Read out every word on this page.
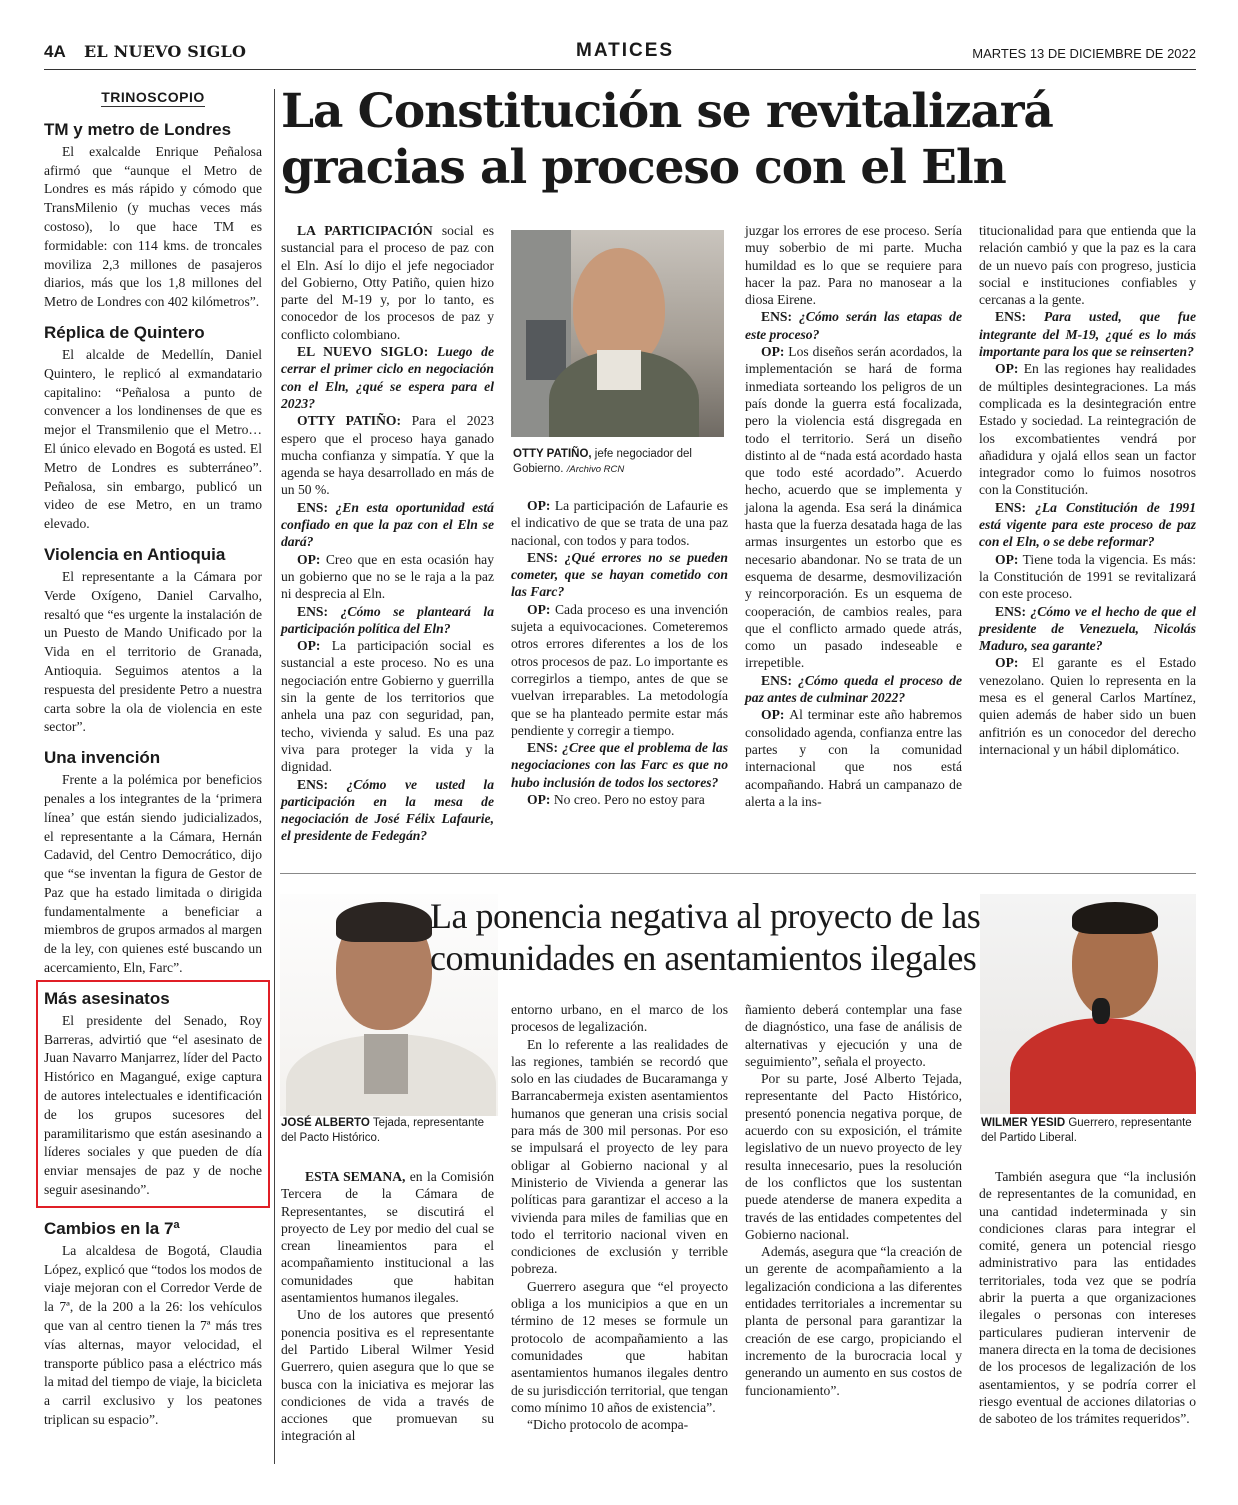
4A EL NUEVO SIGLO	MATICES	MARTES 13 DE DICIEMBRE DE 2022
TRINOSCOPIO
TM y metro de Londres
El exalcalde Enrique Peñalosa afirmó que “aunque el Metro de Londres es más rápido y cómodo que TransMilenio (y muchas veces más costoso), lo que hace TM es formidable: con 114 kms. de troncales moviliza 2,3 millones de pasajeros diarios, más que los 1,8 millones del Metro de Londres con 402 kilómetros”.
Réplica de Quintero
El alcalde de Medellín, Daniel Quintero, le replicó al exmandatario capitalino: “Peñalosa a punto de convencer a los londinenses de que es mejor el Transmilenio que el Metro… El único elevado en Bogotá es usted. El Metro de Londres es subterráneo”. Peñalosa, sin embargo, publicó un video de ese Metro, en un tramo elevado.
Violencia en Antioquia
El representante a la Cámara por Verde Oxígeno, Daniel Carvalho, resaltó que “es urgente la instalación de un Puesto de Mando Unificado por la Vida en el territorio de Granada, Antioquia. Seguimos atentos a la respuesta del presidente Petro a nuestra carta sobre la ola de violencia en este sector”.
Una invención
Frente a la polémica por beneficios penales a los integrantes de la ‘primera línea’ que están siendo judicializados, el representante a la Cámara, Hernán Cadavid, del Centro Democrático, dijo que “se inventan la figura de Gestor de Paz que ha estado limitada o dirigida fundamentalmente a beneficiar a miembros de grupos armados al margen de la ley, con quienes esté buscando un acercamiento, Eln, Farc”.
Más asesinatos
El presidente del Senado, Roy Barreras, advirtió que “el asesinato de Juan Navarro Manjarrez, líder del Pacto Histórico en Magangué, exige captura de autores intelectuales e identificación de los grupos sucesores del paramilitarismo que están asesinando a líderes sociales y que pueden de día enviar mensajes de paz y de noche seguir asesinando”.
Cambios en la 7ª
La alcaldesa de Bogotá, Claudia López, explicó que “todos los modos de viaje mejoran con el Corredor Verde de la 7ª, de la 200 a la 26: los vehículos que van al centro tienen la 7ª más tres vías alternas, mayor velocidad, el transporte público pasa a eléctrico más la mitad del tiempo de viaje, la bicicleta a carril exclusivo y los peatones triplican su espacio”.
La Constitución se revitalizará gracias al proceso con el Eln

LA PARTICIPACIÓN social es sustancial para el proceso de paz con el Eln. Así lo dijo el jefe negociador del Gobierno, Otty Patiño, quien hizo parte del M-19 y, por lo tanto, es conocedor de los procesos de paz y conflicto colombiano.

EL NUEVO SIGLO: Luego de cerrar el primer ciclo en negociación con el Eln, ¿qué se espera para el 2023?

OTTY PATIÑO: Para el 2023 espero que el proceso haya ganado mucha confianza y simpatía. Y que la agenda se haya desarrollado en más de un 50 %.

ENS: ¿En esta oportunidad está confiado en que la paz con el Eln se dará?

OP: Creo que en esta ocasión hay un gobierno que no se le raja a la paz ni desprecia al Eln.

ENS: ¿Cómo se planteará la participación política del Eln?

OP: La participación social es sustancial a este proceso. No es una negociación entre Gobierno y guerrilla sin la gente de los territorios que anhela una paz con seguridad, pan, techo, vivienda y salud. Es una paz viva para proteger la vida y la dignidad.

ENS: ¿Cómo ve usted la participación en la mesa de negociación de José Félix Lafaurie, el presidente de Fedegán?

OTTY PATIÑO, jefe negociador del Gobierno. /Archivo RCN

OP: La participación de Lafaurie es el indicativo de que se trata de una paz nacional, con todos y para todos.

ENS: ¿Qué errores no se pueden cometer, que se hayan cometido con las Farc?

OP: Cada proceso es una invención sujeta a equivocaciones. Cometeremos otros errores diferentes a los de los otros procesos de paz. Lo importante es corregirlos a tiempo, antes de que se vuelvan irreparables. La metodología que se ha planteado permite estar más pendiente y corregir a tiempo.

ENS: ¿Cree que el problema de las negociaciones con las Farc es que no hubo inclusión de todos los sectores?

OP: No creo. Pero no estoy para

juzgar los errores de ese proceso. Sería muy soberbio de mi parte. Mucha humildad es lo que se requiere para hacer la paz. Para no manosear a la diosa Eirene.

ENS: ¿Cómo serán las etapas de este proceso?

OP: Los diseños serán acordados, la implementación se hará de forma inmediata sorteando los peligros de un país donde la guerra está focalizada, pero la violencia está disgregada en todo el territorio. Será un diseño distinto al de “nada está acordado hasta que todo esté acordado”. Acuerdo hecho, acuerdo que se implementa y jalona la agenda. Esa será la dinámica hasta que la fuerza desatada haga de las armas insurgentes un estorbo que es necesario abandonar. No se trata de un esquema de desarme, desmovilización y reincorporación. Es un esquema de cooperación, de cambios reales, para que el conflicto armado quede atrás, como un pasado indeseable e irrepetible.

ENS: ¿Cómo queda el proceso de paz antes de culminar 2022?

OP: Al terminar este año habremos consolidado agenda, confianza entre las partes y con la comunidad internacional que nos está acompañando. Habrá un campanazo de alerta a la ins-

titucionalidad para que entienda que la relación cambió y que la paz es la cara de un nuevo país con progreso, justicia social e instituciones confiables y cercanas a la gente.

ENS: Para usted, que fue integrante del M-19, ¿qué es lo más importante para los que se reinserten?

OP: En las regiones hay realidades de múltiples desintegraciones. La más complicada es la desintegración entre Estado y sociedad. La reintegración de los excombatientes vendrá por añadidura y ojalá ellos sean un factor integrador como lo fuimos nosotros con la Constitución.

ENS: ¿La Constitución de 1991 está vigente para este proceso de paz con el Eln, o se debe reformar?

OP: Tiene toda la vigencia. Es más: la Constitución de 1991 se revitalizará con este proceso.

ENS: ¿Cómo ve el hecho de que el presidente de Venezuela, Nicolás Maduro, sea garante?

OP: El garante es el Estado venezolano. Quien lo representa en la mesa es el general Carlos Martínez, quien además de haber sido un buen anfitrión es un conocedor del derecho internacional y un hábil diplomático.

La ponencia negativa al proyecto de las comunidades en asentamientos ilegales
JOSÉ ALBERTO Tejada, representante del Pacto Histórico.
WILMER YESID Guerrero, representante del Partido Liberal.

ESTA SEMANA, en la Comisión Tercera de la Cámara de Representantes, se discutirá el proyecto de Ley por medio del cual se crean lineamientos para el acompañamiento institucional a las comunidades que habitan asentamientos humanos ilegales.

Uno de los autores que presentó ponencia positiva es el representante del Partido Liberal Wilmer Yesid Guerrero, quien asegura que lo que se busca con la iniciativa es mejorar las condiciones de vida a través de acciones que promuevan su integración al

entorno urbano, en el marco de los procesos de legalización.

En lo referente a las realidades de las regiones, también se recordó que solo en las ciudades de Bucaramanga y Barrancabermeja existen asentamientos humanos que generan una crisis social para más de 300 mil personas. Por eso se impulsará el proyecto de ley para obligar al Gobierno nacional y al Ministerio de Vivienda a generar las políticas para garantizar el acceso a la vivienda para miles de familias que en todo el territorio nacional viven en condiciones de exclusión y terrible pobreza.

Guerrero asegura que “el proyecto obliga a los municipios a que en un término de 12 meses se formule un protocolo de acompañamiento a las comunidades que habitan asentamientos humanos ilegales dentro de su jurisdicción territorial, que tengan como mínimo 10 años de existencia”.

“Dicho protocolo de acompa-

ñamiento deberá contemplar una fase de diagnóstico, una fase de análisis de alternativas y ejecución y una de seguimiento”, señala el proyecto.

Por su parte, José Alberto Tejada, representante del Pacto Histórico, presentó ponencia negativa porque, de acuerdo con su exposición, el trámite legislativo de un nuevo proyecto de ley resulta innecesario, pues la resolución de los conflictos que los sustentan puede atenderse de manera expedita a través de las entidades competentes del Gobierno nacional.

Además, asegura que “la creación de un gerente de acompañamiento a la legalización condiciona a las diferentes entidades territoriales a incrementar su planta de personal para garantizar la creación de ese cargo, propiciando el incremento de la burocracia local y generando un aumento en sus costos de funcionamiento”.

También asegura que “la inclusión de representantes de la comunidad, en una cantidad indeterminada y sin condiciones claras para integrar el comité, genera un potencial riesgo administrativo para las entidades territoriales, toda vez que se podría abrir la puerta a que organizaciones ilegales o personas con intereses particulares pudieran intervenir de manera directa en la toma de decisiones de los procesos de legalización de los asentamientos, y se podría correr el riesgo eventual de acciones dilatorias o de saboteo de los trámites requeridos”.
